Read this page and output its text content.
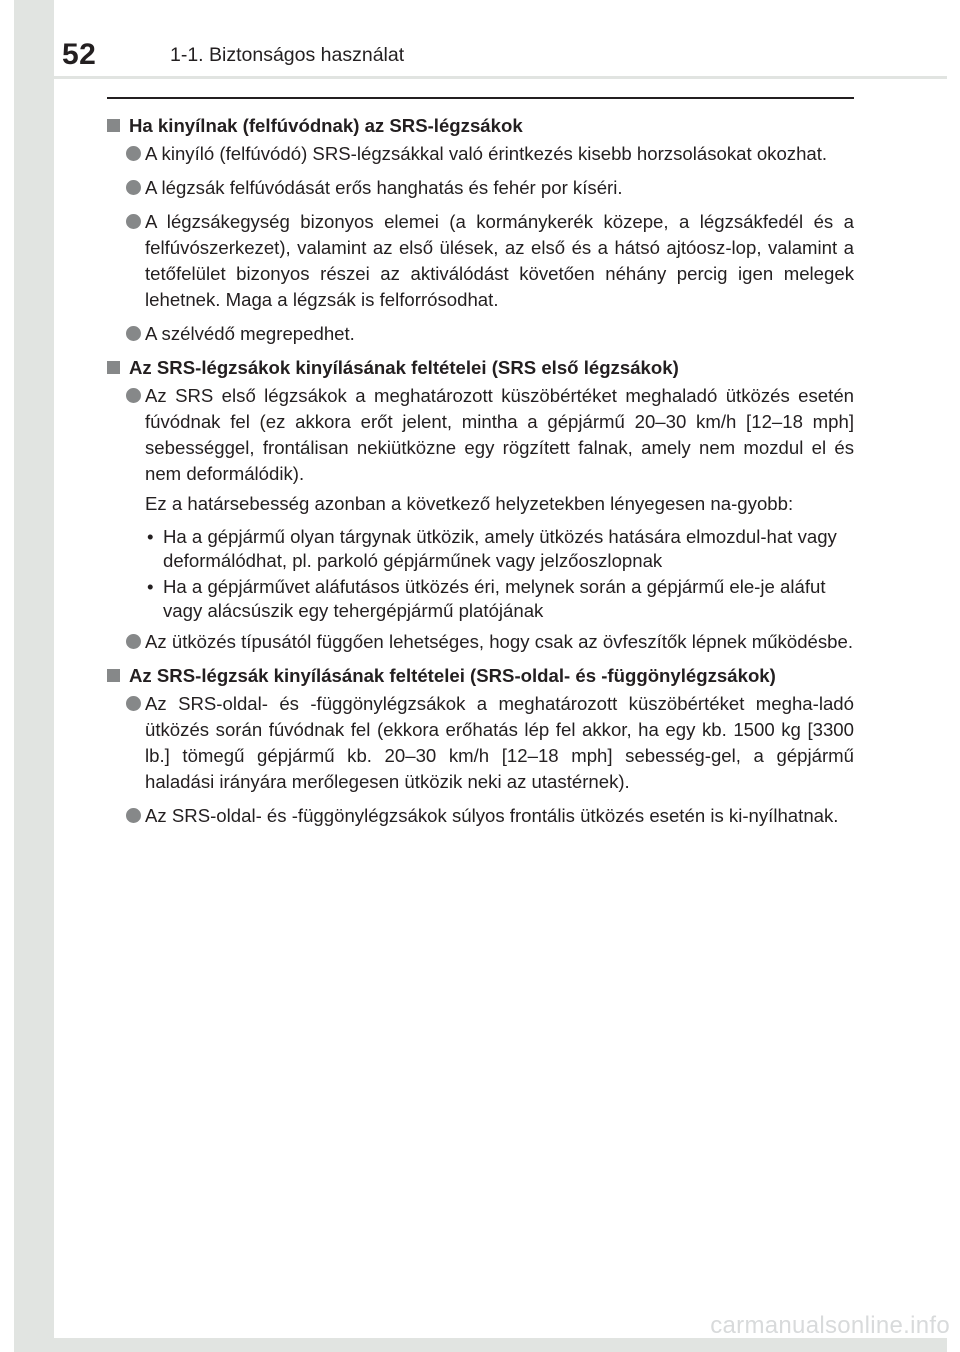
52	1-1. Biztonságos használat
Ha kinyílnak (felfúvódnak) az SRS-légzsákok
A kinyíló (felfúvódó) SRS-légzsákkal való érintkezés kisebb horzsolásokat okozhat.
A légzsák felfúvódását erős hanghatás és fehér por kíséri.
A légzsákegység bizonyos elemei (a kormánykerék közepe, a légzsákfedél és a felfúvószerkezet), valamint az első ülések, az első és a hátsó ajtóosz-lop, valamint a tetőfelület bizonyos részei az aktiválódást követően néhány percig igen melegek lehetnek. Maga a légzsák is felforrósodhat.
A szélvédő megrepedhet.
Az SRS-légzsákok kinyílásának feltételei (SRS első légzsákok)
Az SRS első légzsákok a meghatározott küszöbértéket meghaladó ütközés esetén fúvódnak fel (ez akkora erőt jelent, mintha a gépjármű 20–30 km/h [12–18 mph] sebességgel, frontálisan nekiütközne egy rögzített falnak, amely nem mozdul el és nem deformálódik).
Ez a határsebesség azonban a következő helyzetekben lényegesen na-gyobb:
• Ha a gépjármű olyan tárgynak ütközik, amely ütközés hatására elmozdul-hat vagy deformálódhat, pl. parkoló gépjárműnek vagy jelzőoszlopnak
• Ha a gépjárművet aláfutásos ütközés éri, melynek során a gépjármű ele-je aláfut vagy alácsúszik egy tehergépjármű platójának
Az ütközés típusától függően lehetséges, hogy csak az övfeszítők lépnek működésbe.
Az SRS-légzsák kinyílásának feltételei (SRS-oldal- és -függönylégzsákok)
Az SRS-oldal- és -függönylégzsákok a meghatározott küszöbértéket megha-ladó ütközés során fúvódnak fel (ekkora erőhatás lép fel akkor, ha egy kb. 1500 kg [3300 lb.] tömegű gépjármű kb. 20–30 km/h [12–18 mph] sebesség-gel, a gépjármű haladási irányára merőlegesen ütközik neki az utastérnek).
Az SRS-oldal- és -függönylégzsákok súlyos frontális ütközés esetén is ki-nyílhatnak.
carmanualsonline.info
